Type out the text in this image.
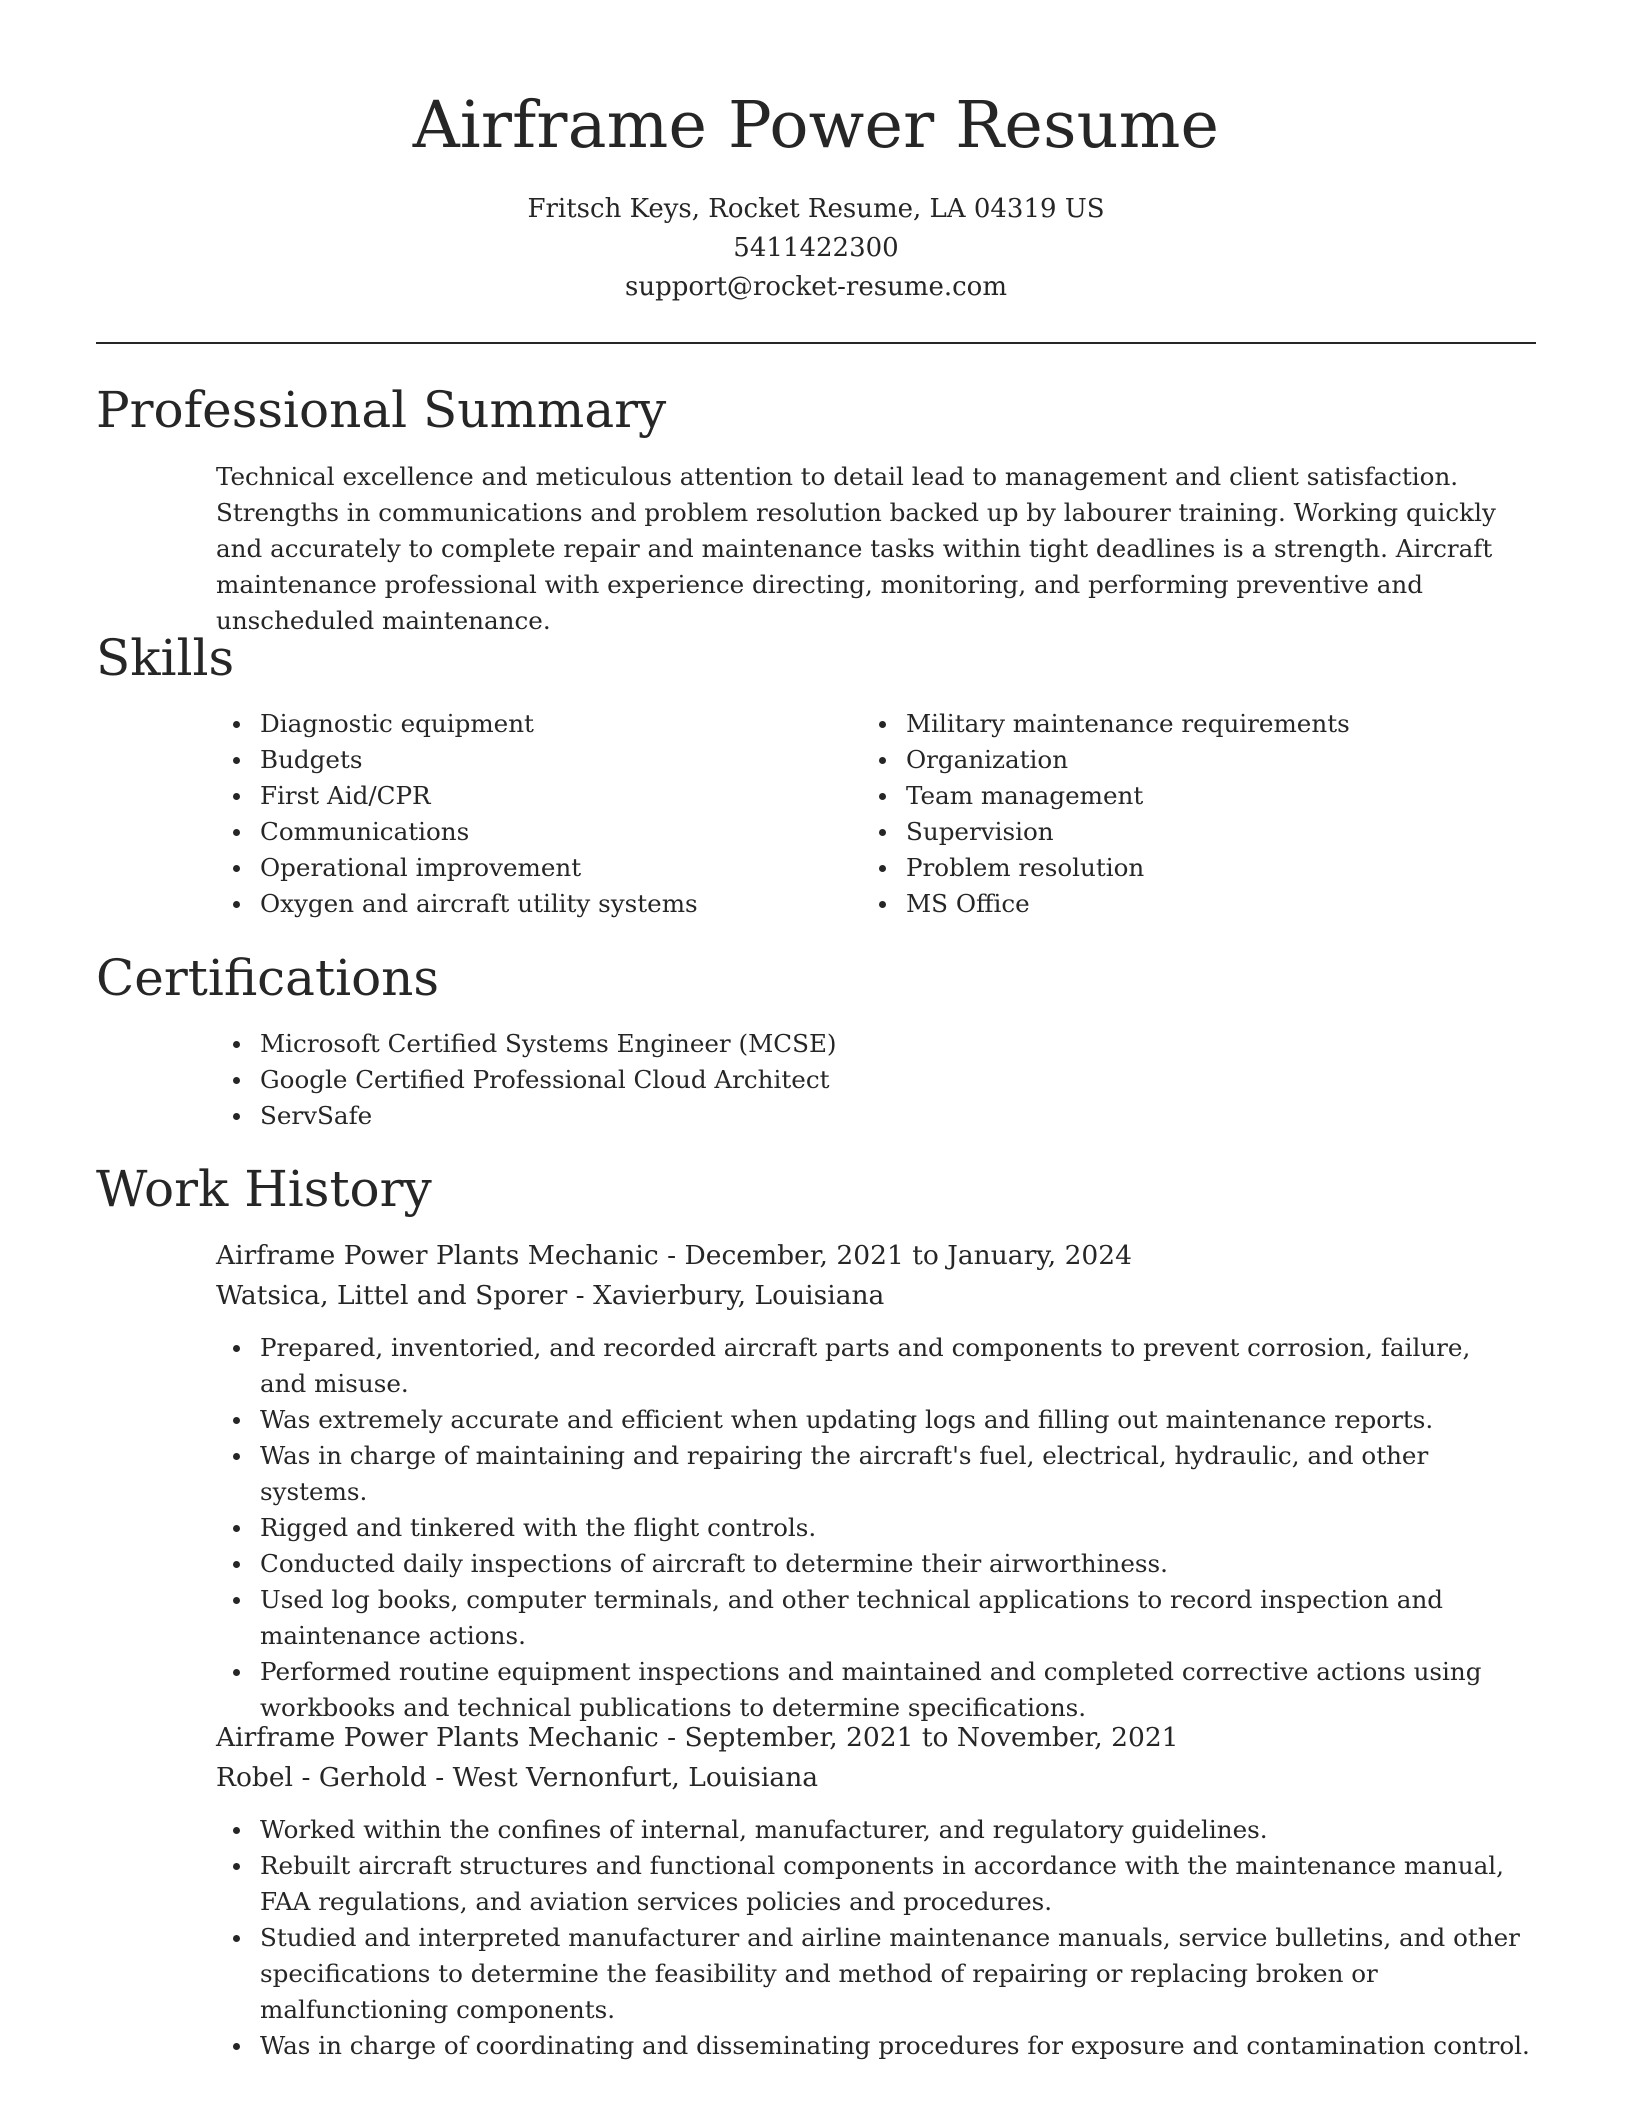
Airframe Power Resume
Fritsch Keys, Rocket Resume, LA 04319 US
5411422300
support@rocket-resume.com
Professional Summary

Technical excellence and meticulous attention to detail lead to management and client satisfaction. Strengths in communications and problem resolution backed up by labourer training. Working quickly and accurately to complete repair and maintenance tasks within tight deadlines is a strength. Aircraft maintenance professional with experience directing, monitoring, and performing preventive and unscheduled maintenance.

Skills
Diagnostic equipment
Budgets
First Aid/CPR
Communications
Operational improvement
Oxygen and aircraft utility systems
Military maintenance requirements
Organization
Team management
Supervision
Problem resolution
MS Office
Certifications
Microsoft Certified Systems Engineer (MCSE)
Google Certified Professional Cloud Architect
ServSafe
Work History
Airframe Power Plants Mechanic - December, 2021 to January, 2024
Watsica, Littel and Sporer - Xavierbury, Louisiana
Prepared, inventoried, and recorded aircraft parts and components to prevent corrosion, failure, and misuse.
Was extremely accurate and efficient when updating logs and filling out maintenance reports.
Was in charge of maintaining and repairing the aircraft's fuel, electrical, hydraulic, and other systems.
Rigged and tinkered with the flight controls.
Conducted daily inspections of aircraft to determine their airworthiness.
Used log books, computer terminals, and other technical applications to record inspection and maintenance actions.
Performed routine equipment inspections and maintained and completed corrective actions using workbooks and technical publications to determine specifications.
Airframe Power Plants Mechanic - September, 2021 to November, 2021
Robel - Gerhold - West Vernonfurt, Louisiana
Worked within the confines of internal, manufacturer, and regulatory guidelines.
Rebuilt aircraft structures and functional components in accordance with the maintenance manual, FAA regulations, and aviation services policies and procedures.
Studied and interpreted manufacturer and airline maintenance manuals, service bulletins, and other specifications to determine the feasibility and method of repairing or replacing broken or malfunctioning components.
Was in charge of coordinating and disseminating procedures for exposure and contamination control.
